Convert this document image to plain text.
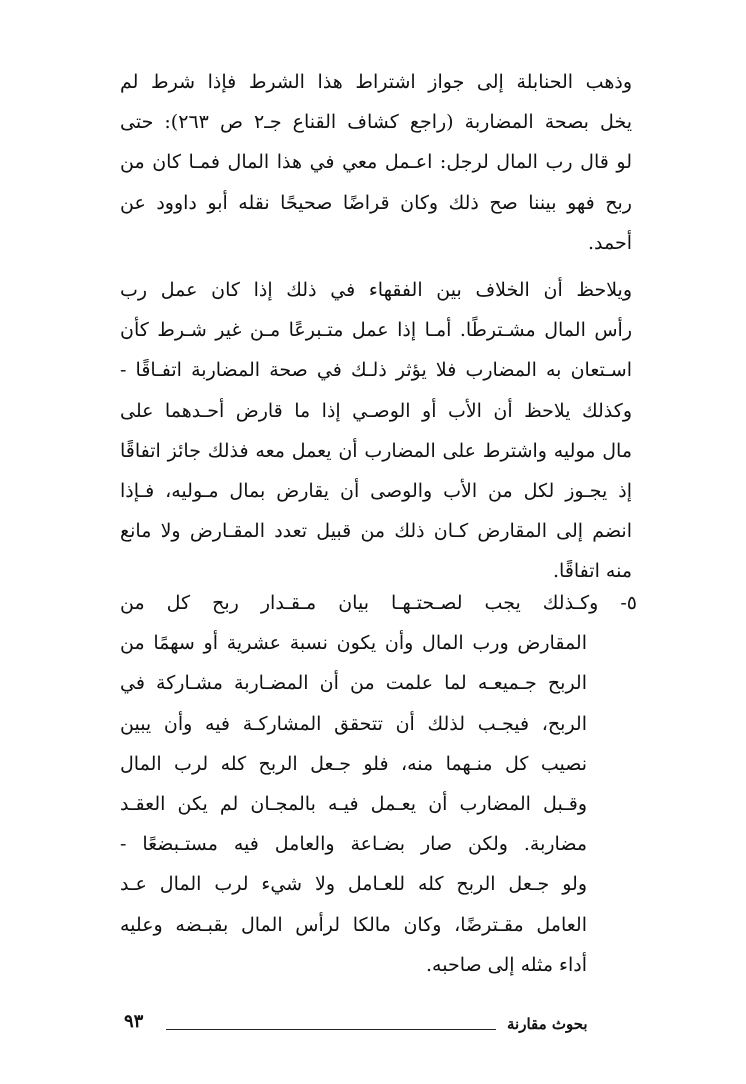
وذهب الحنابلة إلى جواز اشتراط هذا الشرط فإذا شرط لم
يخل بصحة المضاربة (راجع كشاف القناع جـ٢ ص ٢٦٣): حتى
لو قال رب المال لرجل: اعـمل معي في هذا المال فمـا كان من
ربح فهو بيننا صح ذلك وكان قراضًا صحيحًا نقله أبو داوود عن
أحمد.
ويلاحظ أن الخلاف بين الفقهاء في ذلك إذا كان عمل رب
رأس المال مشـترطًا. أمـا إذا عمل متـبرعًا مـن غير شـرط كأن
اسـتعان به المضارب فلا يؤثر ذلـك في صحة المضاربة اتفـاقًا -
وكذلك يلاحظ أن الأب أو الوصـي إذا ما قارض أحـدهما على
مال موليه واشترط على المضارب أن يعمل معه فذلك جائز اتفاقًا
إذ يجـوز لكل من الأب والوصى أن يقارض بمال مـوليه، فـإذا
انضم إلى المقارض كـان ذلك من قبيل تعدد المقـارض ولا مانع
منه اتفاقًا.
٥- وكـذلك يجب لصـحتـهـا بيان مـقـدار ربح كل من
المقارض ورب المال وأن يكون نسبة عشرية أو سهمًا من
الربح جـميعـه لما علمت من أن المضـاربة مشـاركة في
الربح، فيجـب لذلك أن تتحقق المشاركـة فيه وأن يبين
نصيب كل منـهما منه، فلو جـعل الربح كله لرب المال
وقـبل المضارب أن يعـمل فيـه بالمجـان لم يكن العقـد
مضاربة. ولكن صار بضـاعة والعامل فيه مستـبضعًا -
ولو جـعل الربح كله للعـامل ولا شيء لرب المال عـد
العامل مقـترضًا، وكان مالكا لرأس المال بقبـضه وعليه
أداء مثله إلى صاحبه.
٩٣	بحوث مقارنة
